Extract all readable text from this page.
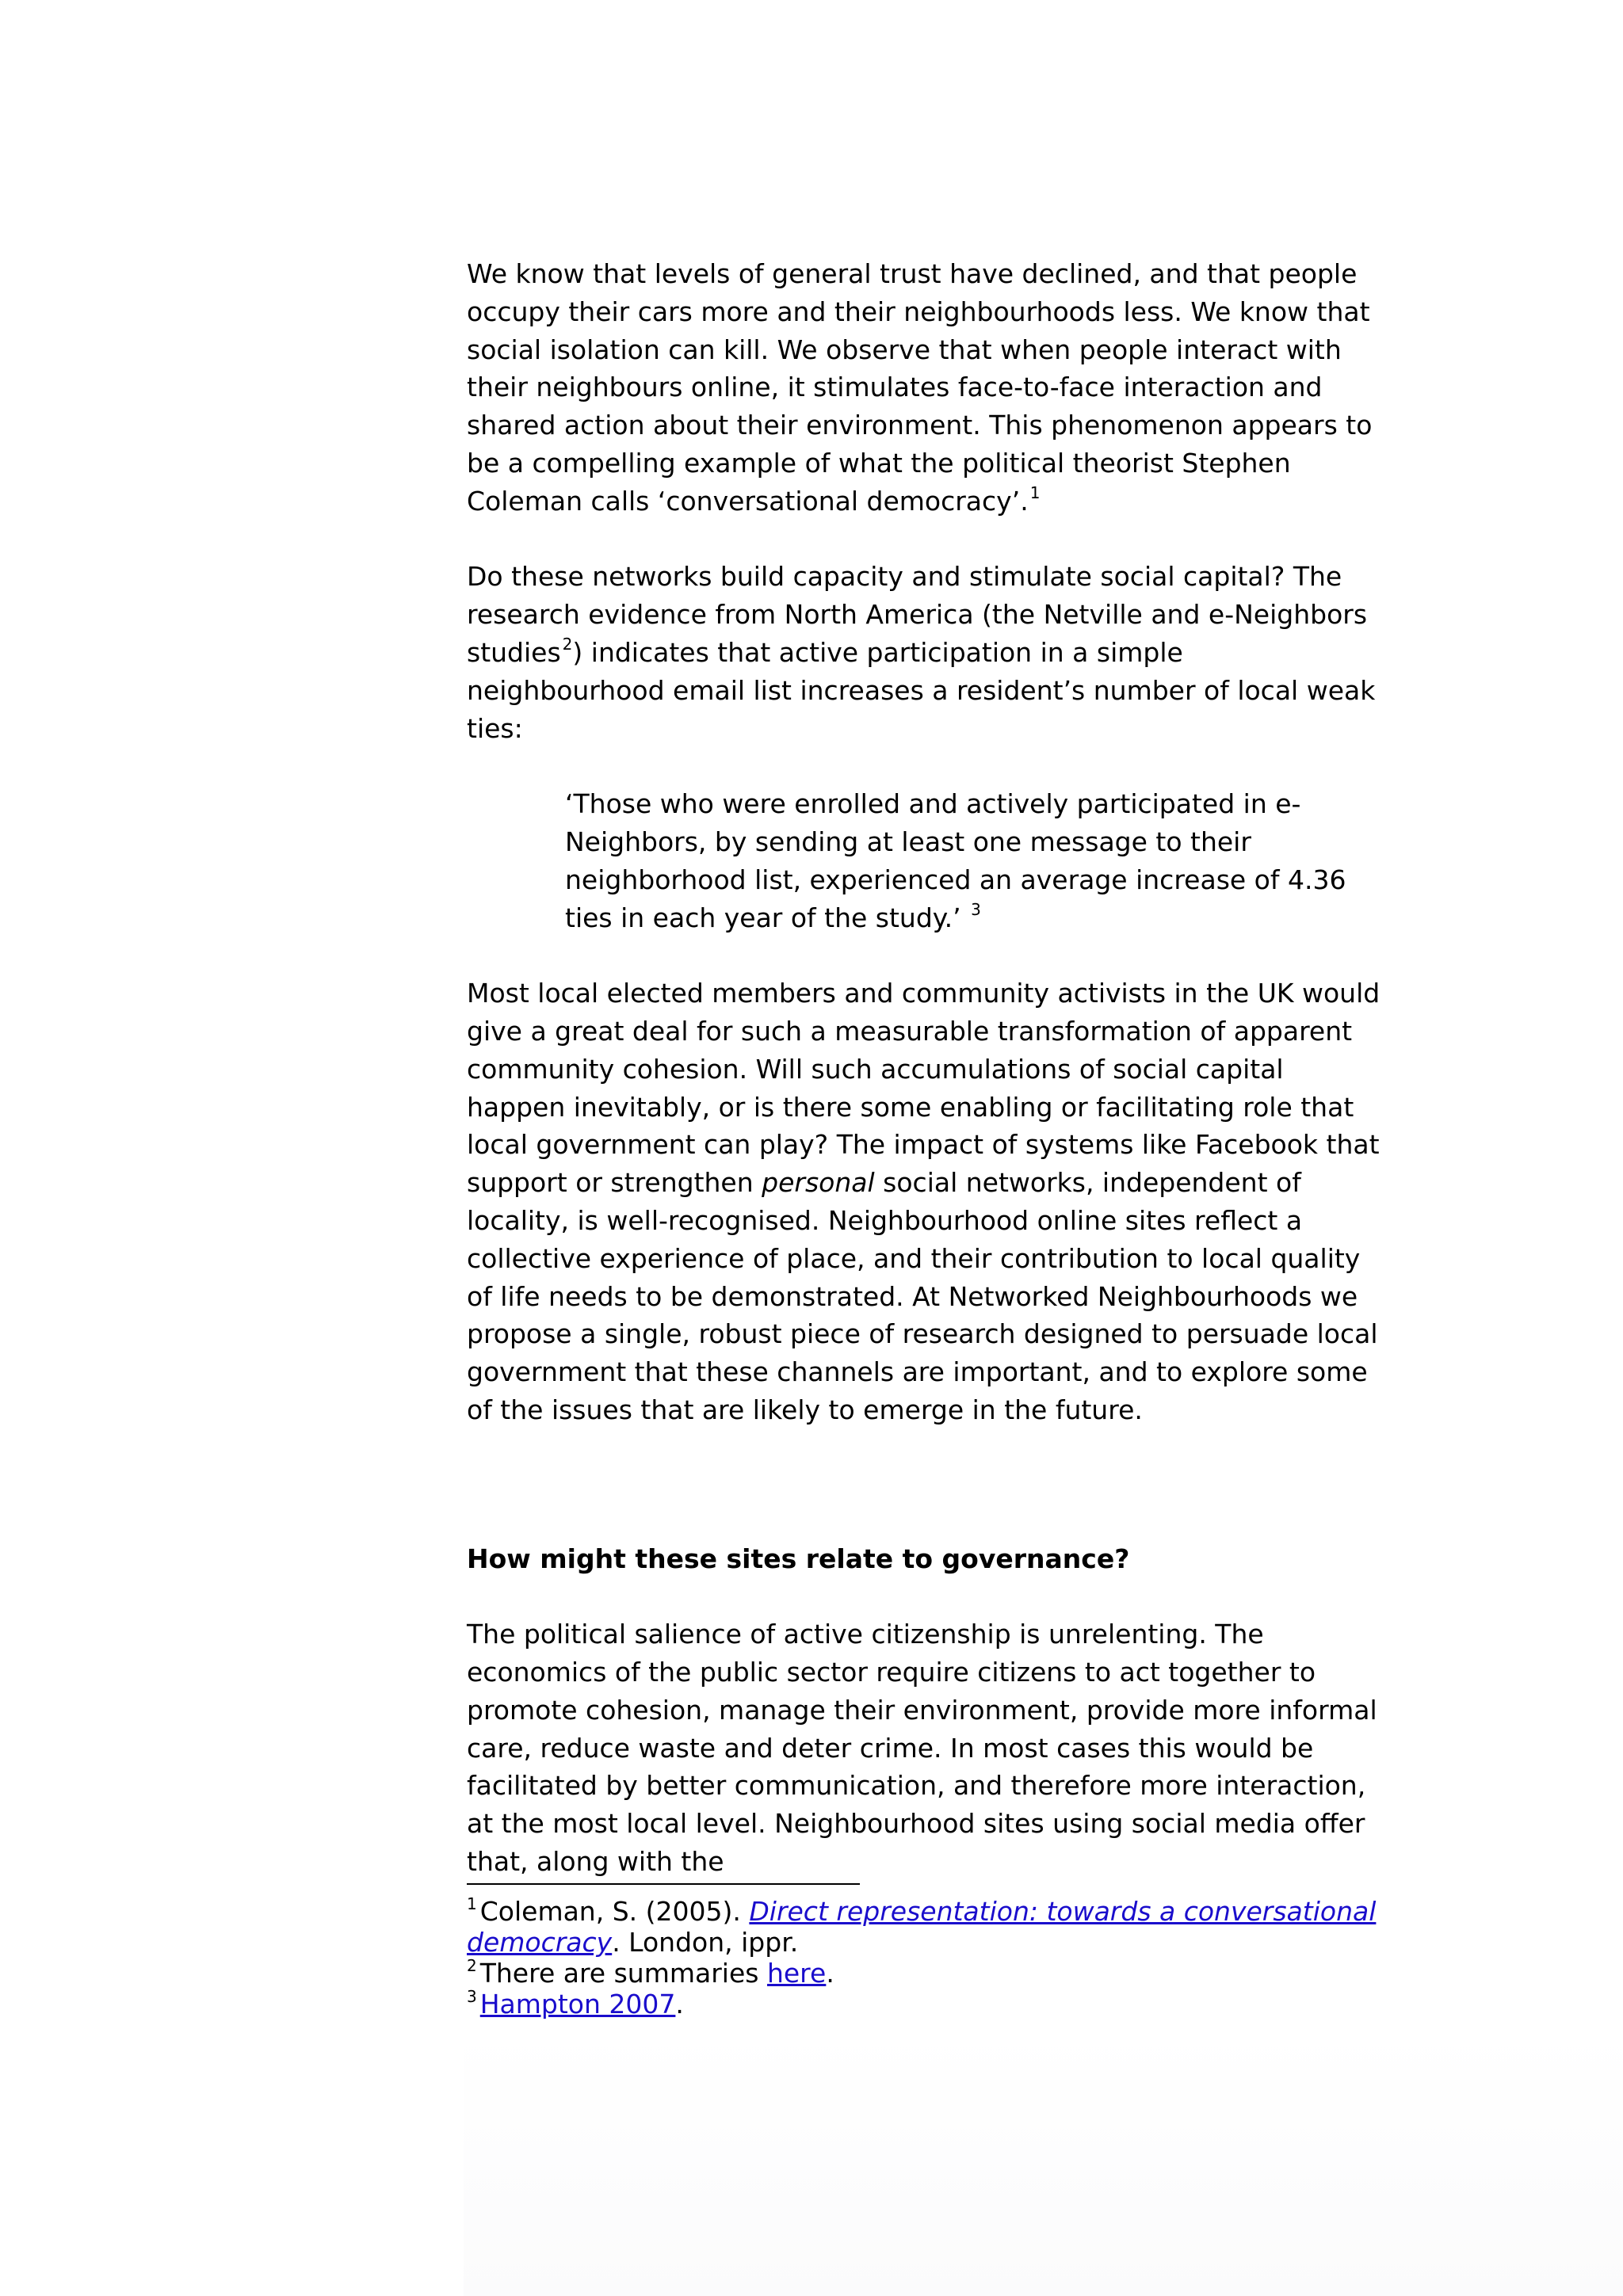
We know that levels of general trust have declined, and that people occupy their cars more and their neighbourhoods less. We know that social isolation can kill. We observe that when people interact with their neighbours online, it stimulates face-to-face interaction and shared action about their environment. This phenomenon appears to be a compelling example of what the political theorist Stephen Coleman calls ‘conversational democracy’. $^1$

Do these networks build capacity and stimulate social capital? The research evidence from North America (the Netville and e-Neighbors studies $^2$) indicates that active participation in a simple neighbourhood email list increases a resident’s number of local weak ties:

‘Those who were enrolled and actively participated in e-Neighbors, by sending at least one message to their neighborhood list, experienced an average increase of 4.36 ties in each year of the study.’ $^3$

Most local elected members and community activists in the UK would give a great deal for such a measurable transformation of apparent community cohesion. Will such accumulations of social capital happen inevitably, or is there some enabling or facilitating role that local government can play? The impact of systems like Facebook that support or strengthen personal social networks, independent of locality, is well-recognised. Neighbourhood online sites reflect a collective experience of place, and their contribution to local quality of life needs to be demonstrated. At Networked Neighbourhoods we propose a single, robust piece of research designed to persuade local government that these channels are important, and to explore some of the issues that are likely to emerge in the future.

How might these sites relate to governance?

The political salience of active citizenship is unrelenting. The economics of the public sector require citizens to act together to promote cohesion, manage their environment, provide more informal care, reduce waste and deter crime. In most cases this would be facilitated by better communication, and therefore more interaction, at the most local level. Neighbourhood sites using social media offer that, along with the

$^1$ Coleman, S. (2005). Direct representation: towards a conversational democracy. London, ippr.
$^2$ There are summaries here.
$^3$ Hampton 2007.
